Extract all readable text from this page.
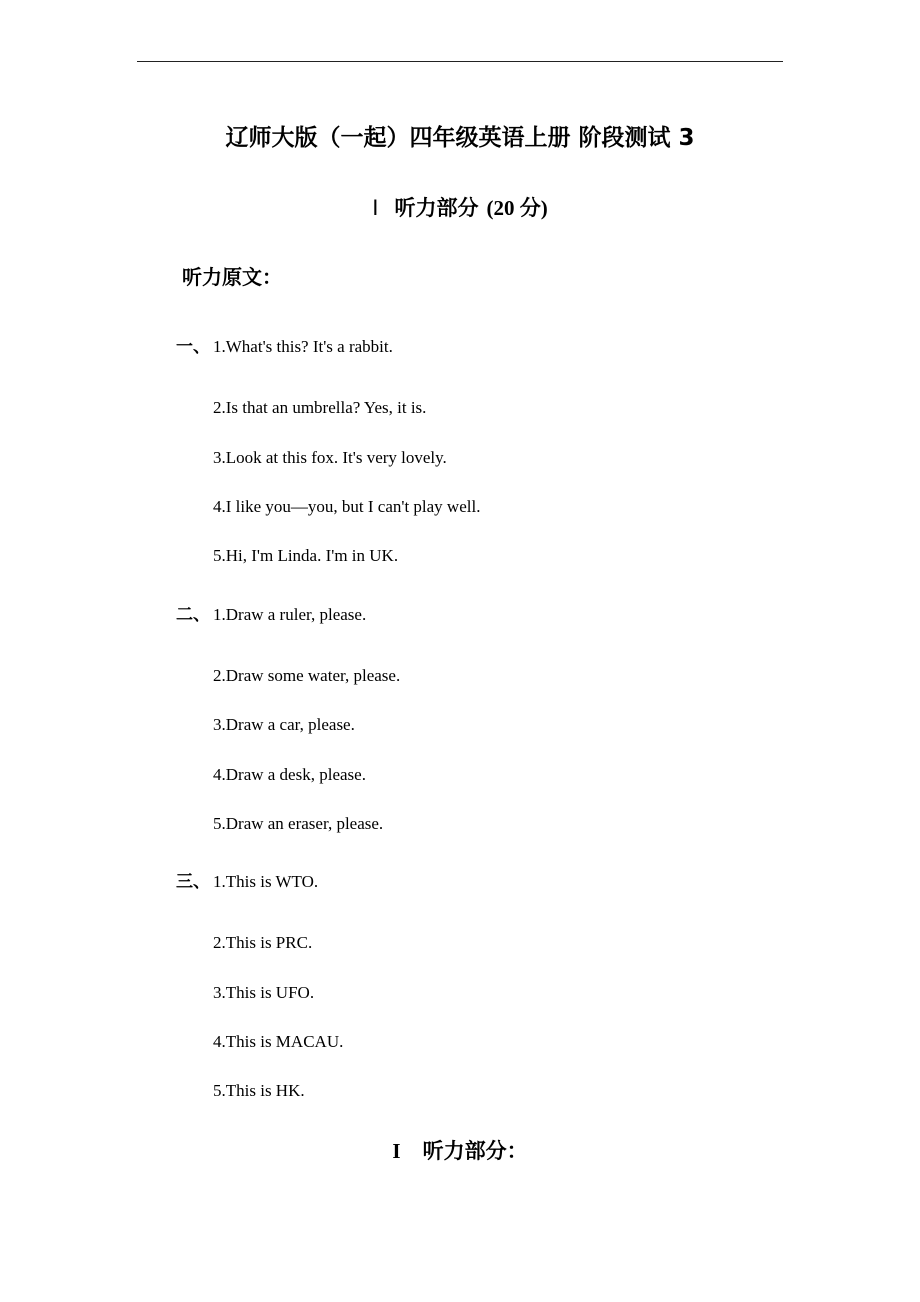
辽师大版（一起）四年级英语上册 阶段测试 3
Ⅰ 听力部分 (20 分)
听力原文：
一、 1.What's this? It's a rabbit.
2.Is that an umbrella? Yes, it is.
3.Look at this fox. It's very lovely.
4.I like you—you, but I can't play well.
5.Hi, I'm Linda. I'm in UK.
二、 1.Draw a ruler, please.
2.Draw some water, please.
3.Draw a car, please.
4.Draw a desk, please.
5.Draw an eraser, please.
三、 1.This is WTO.
2.This is PRC.
3.This is UFO.
4.This is MACAU.
5.This is HK.
I 听力部分：
